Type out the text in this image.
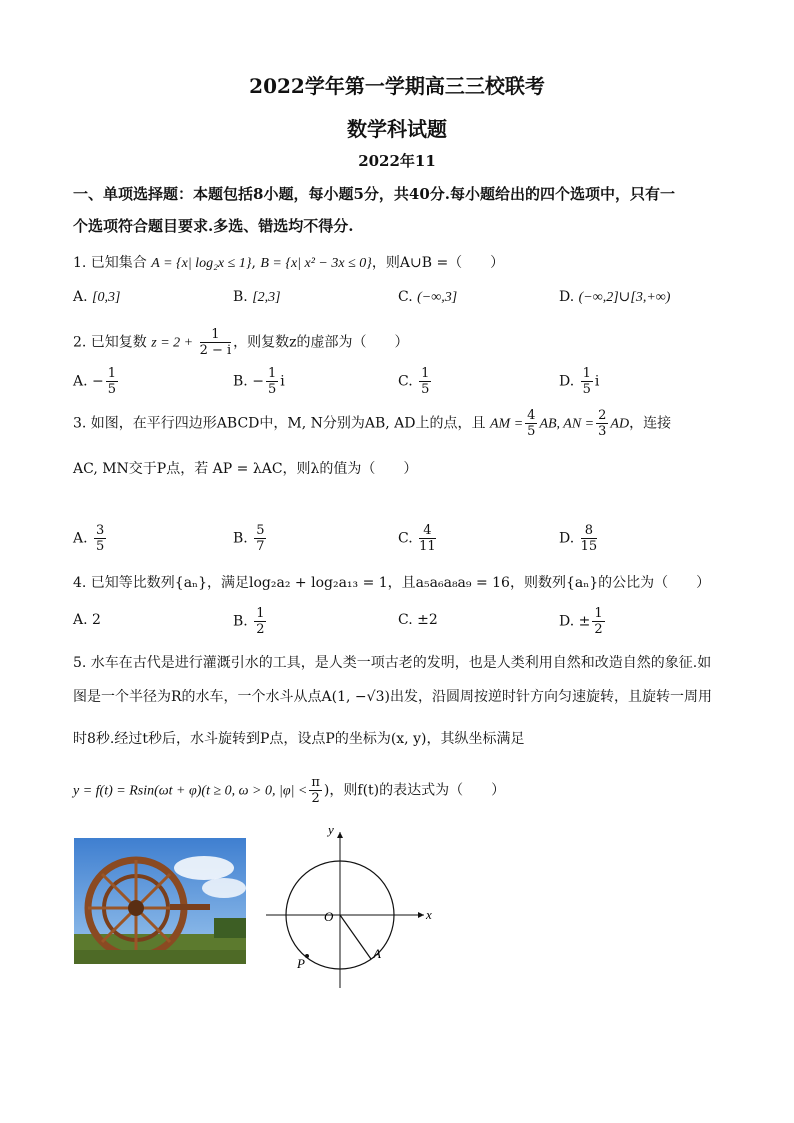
2022学年第一学期高三三校联考
数学科试题
2022年11
一、单项选择题：本题包括8小题，每小题5分，共40分.每小题给出的四个选项中，只有一
个选项符合题目要求.多选、错选均不得分.
1. 已知集合 A = {x| log₂x ≤ 1}, B = {x| x² − 3x ≤ 0}，则A∪B =（　　）
A. [0,3]	B. [2,3]	C. (−∞,3]	D. (−∞,2]∪[3,+∞)
2. 已知复数 $z = 2 + \frac{1}{2 - i}$ ，则复数z的虚部为（　　）
A. − $\frac{1}{5}$	B. − $\frac{1}{5}$ i	C. $\frac{1}{5}$	D. $\frac{1}{5}$ i
3. 如图，在平行四边形ABCD中，M, N分别为AB, AD上的点，且 AM = $\frac{4}{5}$ AB, AN = $\frac{2}{3}$ AD，连接
AC, MN交于P点，若 AP = λAC，则λ的值为（　　）
A. $\frac{3}{5}$	B. $\frac{5}{7}$	C. $\frac{4}{11}$	D. $\frac{8}{15}$
4. 已知等比数列{aₙ}，满足log₂a₂ + log₂a₁₃ = 1，且a₅a₆a₈a₉ = 16，则数列{aₙ}的公比为（　　）
A. 2	B. $\frac{1}{2}$	C. ±2	D. ± $\frac{1}{2}$
5. 水车在古代是进行灌溉引水的工具，是人类一项古老的发明，也是人类利用自然和改造自然的象征.如
图是一个半径为R的水车，一个水斗从点A(1, −√3)出发，沿圆周按逆时针方向匀速旋转，且旋转一周用
时8秒.经过t秒后，水斗旋转到P点，设点P的坐标为(x, y)，其纵坐标满足
y = f(t) = Rsin(ωt + φ)(t ≥ 0, ω > 0, $|\varphi| < \frac{\pi}{2}$ )，则f(t)的表达式为（　　）
x
y
O
A
P
